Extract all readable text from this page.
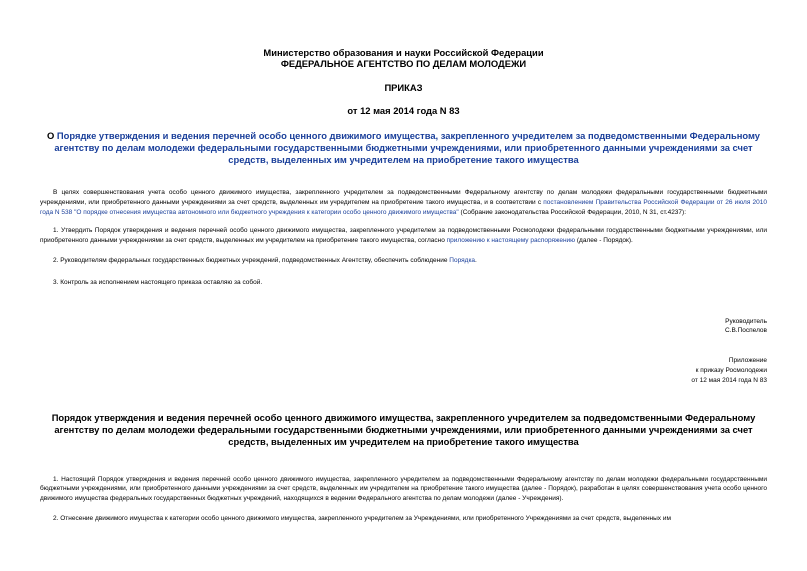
Министерство образования и науки Российской Федерации
ФЕДЕРАЛЬНОЕ АГЕНТСТВО ПО ДЕЛАМ МОЛОДЕЖИ
ПРИКАЗ
от 12 мая 2014 года N 83
О Порядке утверждения и ведения перечней особо ценного движимого имущества, закрепленного учредителем за подведомственными Федеральному агентству по делам молодежи федеральными государственными бюджетными учреждениями, или приобретенного данными учреждениями за счет средств, выделенных им учредителем на приобретение такого имущества

В целях совершенствования учета особо ценного движимого имущества, закрепленного учредителем за подведомственными Федеральному агентству по делам молодежи федеральными государственными бюджетными учреждениями, или приобретенного данными учреждениями за счет средств, выделенных им учредителем на приобретение такого имущества, и в соответствии с постановлением Правительства Российской Федерации от 26 июля 2010 года N 538 "О порядке отнесения имущества автономного или бюджетного учреждения к категории особо ценного движимого имущества" (Собрание законодательства Российской Федерации, 2010, N 31, ст.4237):

1. Утвердить Порядок утверждения и ведения перечней особо ценного движимого имущества, закрепленного учредителем за подведомственными Росмолодежи федеральными государственными бюджетными учреждениями, или приобретенного данными учреждениями за счет средств, выделенных им учредителем на приобретение такого имущества, согласно приложению к настоящему распоряжению (далее - Порядок).

2. Руководителям федеральных государственных бюджетных учреждений, подведомственных Агентству, обеспечить соблюдение Порядка.

3. Контроль за исполнением настоящего приказа оставляю за собой.

Руководитель
С.В.Поспелов
Приложение
к приказу Росмолодежи
от 12 мая 2014 года N 83
Порядок утверждения и ведения перечней особо ценного движимого имущества, закрепленного учредителем за подведомственными Федеральному агентству по делам молодежи федеральными государственными бюджетными учреждениями, или приобретенного данными учреждениями за счет средств, выделенных им учредителем на приобретение такого имущества

1. Настоящий Порядок утверждения и ведения перечней особо ценного движимого имущества, закрепленного учредителем за подведомственными Федеральному агентству по делам молодежи федеральными государственными бюджетными учреждениями, или приобретенного данными учреждениями за счет средств, выделенных им учредителем на приобретение такого имущества (далее - Порядок), разработан в целях совершенствования учета особо ценного движимого имущества федеральных государственных бюджетных учреждений, находящихся в ведении Федерального агентства по делам молодежи (далее - Учреждения).

2. Отнесение движимого имущества к категории особо ценного движимого имущества, закрепленного учредителем за Учреждениями, или приобретенного Учреждениями за счет средств, выделенных им
